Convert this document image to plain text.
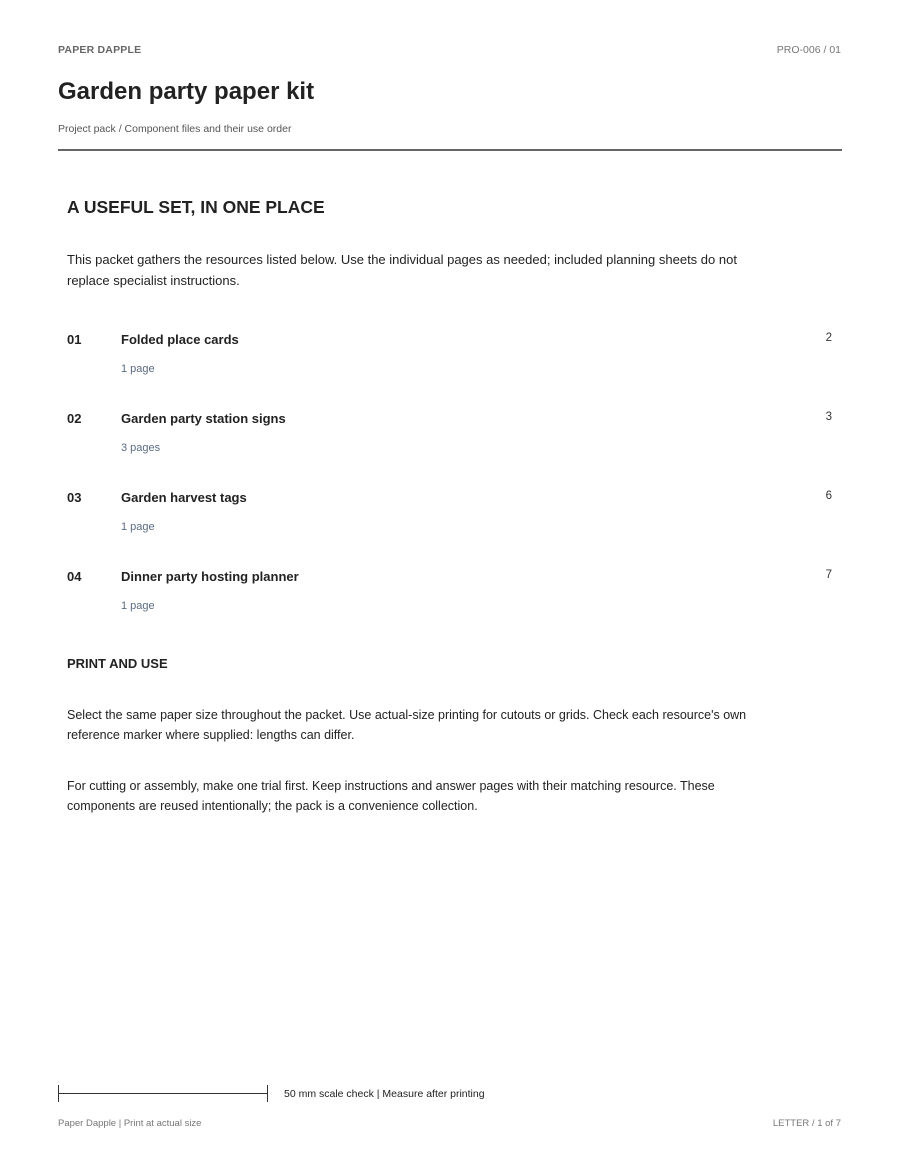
PAPER DAPPLE	PRO-006 / 01
Garden party paper kit
Project pack / Component files and their use order
A USEFUL SET, IN ONE PLACE

This packet gathers the resources listed below. Use the individual pages as needed; included planning sheets do not replace specialist instructions.

01	Folded place cards	2
1 page
02	Garden party station signs	3
3 pages
03	Garden harvest tags	6
1 page
04	Dinner party hosting planner	7
1 page
PRINT AND USE

Select the same paper size throughout the packet. Use actual-size printing for cutouts or grids. Check each resource's own reference marker where supplied: lengths can differ.

For cutting or assembly, make one trial first. Keep instructions and answer pages with their matching resource. These components are reused intentionally; the pack is a convenience collection.

50 mm scale check | Measure after printing
Paper Dapple | Print at actual size	LETTER / 1 of 7
